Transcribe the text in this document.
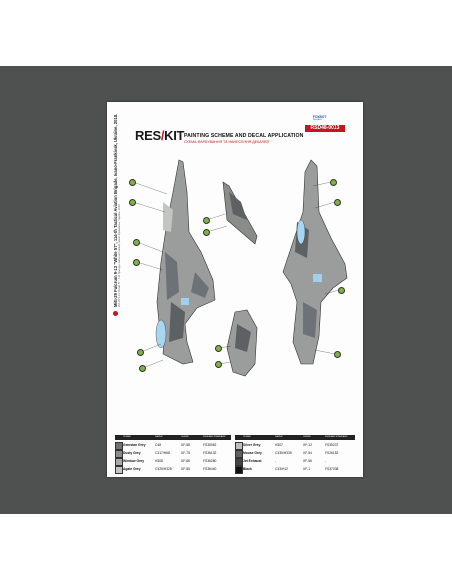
RES/KIT PAINTING SCHEME AND DECAL APPLICATION
СХЕМА ФАРБУВАННЯ ТА НАНЕСЕННЯ ДЕКАЛЕЙ
FOXBOT
DECALS
RSD48-0013
MiG-29 Fulcrum 9-13 "White 57", 114-th Tactical Aviation Brigade, Ivano-Frankivsk, Ukraine, 2018. МіГ-29 9-13 "Білий 57", 114 бригада тактичної авіації, Івано-Франківськ, Україна, 2018
ГЕЛЕВІ	ФАРБИ	GUNZE	FEDERAL STANDARD
Gemstan Grey	C48	XF-58	FS35062
Dusty Grey	C317/H68	XF-75	FS36132
Window Grey	H308	XF-66	FS36280
Agate Grey	C325/H325	XF-55	FS36440
ГЕЛЕВІ	ФАРБИ	GUNZE	FEDERAL STANDARD
Silver Grey	H307	XF-12	FS35237
Mouse Grey	C335/H335	XF-54	FS26152
Jet Exhaust	-	XF-56	-
Black	C33/H12	XF-1	FS37038
